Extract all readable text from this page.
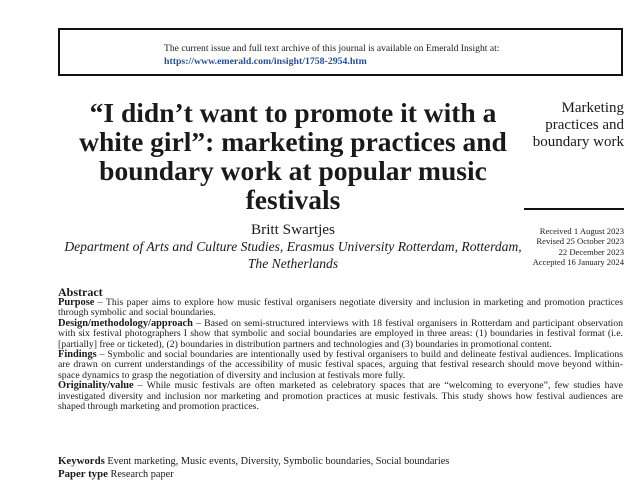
The current issue and full text archive of this journal is available on Emerald Insight at:
https://www.emerald.com/insight/1758-2954.htm
“I didn’t want to promote it with a white girl”: marketing practices and boundary work at popular music festivals
Marketing
practices and
boundary work
Received 1 August 2023
Revised 25 October 2023
22 December 2023
Accepted 16 January 2024
Britt Swartjes
Department of Arts and Culture Studies, Erasmus University Rotterdam, Rotterdam, The Netherlands
Abstract

Purpose – This paper aims to explore how music festival organisers negotiate diversity and inclusion in marketing and promotion practices through symbolic and social boundaries.

Design/methodology/approach – Based on semi-structured interviews with 18 festival organisers in Rotterdam and participant observation with six festival photographers I show that symbolic and social boundaries are employed in three areas: (1) boundaries in festival format (i.e. [partially] free or ticketed), (2) boundaries in distribution partners and technologies and (3) boundaries in promotional content.

Findings – Symbolic and social boundaries are intentionally used by festival organisers to build and delineate festival audiences. Implications are drawn on current understandings of the accessibility of music festival spaces, arguing that festival research should move beyond within-space dynamics to grasp the negotiation of diversity and inclusion at festivals more fully.

Originality/value – While music festivals are often marketed as celebratory spaces that are “welcoming to everyone”, few studies have investigated diversity and inclusion nor marketing and promotion practices at music festivals. This study shows how festival audiences are shaped through marketing and promotion practices.

Keywords Event marketing, Music events, Diversity, Symbolic boundaries, Social boundaries
Paper type Research paper
